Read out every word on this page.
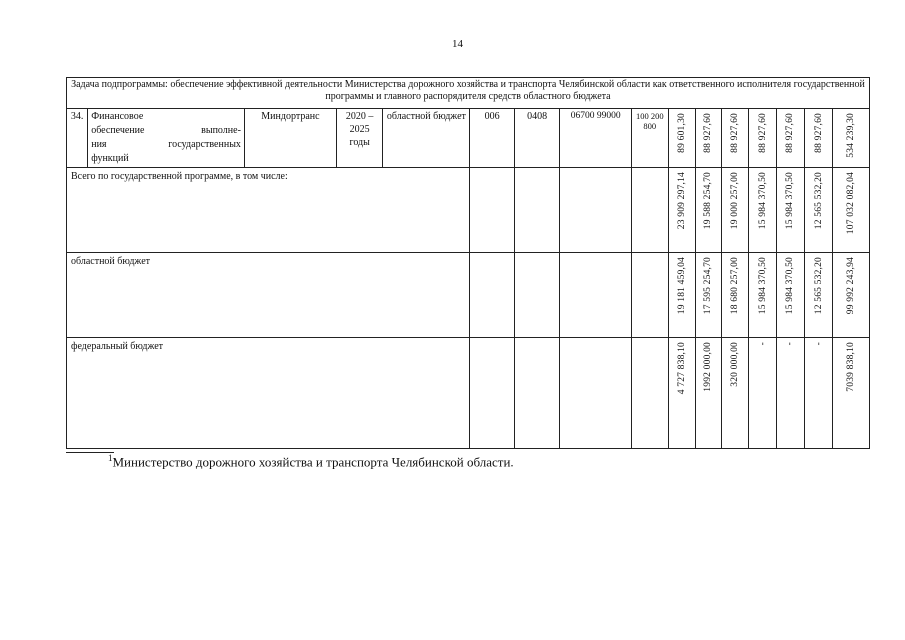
14
Задача подпрограммы: обеспечение эффективной деятельности Министерства дорожного хозяйства и транспорта Челябинской области как ответственного исполнителя государственной программы и главного распорядителя средств областного бюджета															
34.	Финансовое
обеспечение выполне-
ния государственных
функций	Миндортранс	2020 – 2025 годы	областной бюджет	006	0408	06700 99000	100 200 800	89 601,30	88 927,60	88 927,60	88 927,60	88 927,60	88 927,60	534 239,30

Всего по государственной программе, в том числе:									23 909 297,14	19 588 254,70	19 000 257,00	15 984 370,50	15 984 370,50	12 565 532,20	107 032 082,04

областной бюджет									19 181 459,04	17 595 254,70	18 680 257,00	15 984 370,50	15 984 370,50	12 565 532,20	99 992 243,94

федеральный бюджет									4 727 838,10	1992 000,00	320 000,00	-	-	-	7039 838,10
$^1$Министерство дорожного хозяйства и транспорта Челябинской области.
